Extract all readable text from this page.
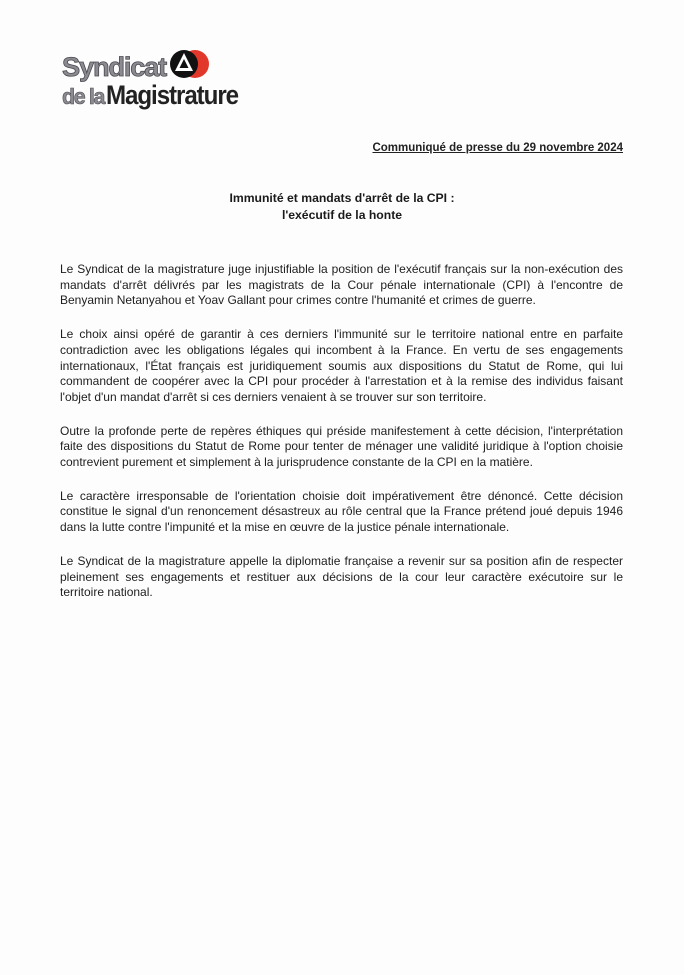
Syndicat
de la Magistrature
Communiqué de presse du 29 novembre 2024
Immunité et mandats d'arrêt de la CPI :
l'exécutif de la honte

Le Syndicat de la magistrature juge injustifiable la position de l'exécutif français sur la non-exécution des mandats d'arrêt délivrés par les magistrats de la Cour pénale internationale (CPI) à l'encontre de Benyamin Netanyahou et Yoav Gallant pour crimes contre l'humanité et crimes de guerre.

Le choix ainsi opéré de garantir à ces derniers l'immunité sur le territoire national entre en parfaite contradiction avec les obligations légales qui incombent à la France. En vertu de ses engagements internationaux, l'État français est juridiquement soumis aux dispositions du Statut de Rome, qui lui commandent de coopérer avec la CPI pour procéder à l'arrestation et à la remise des individus faisant l'objet d'un mandat d'arrêt si ces derniers venaient à se trouver sur son territoire.

Outre la profonde perte de repères éthiques qui préside manifestement à cette décision, l'interprétation faite des dispositions du Statut de Rome pour tenter de ménager une validité juridique à l'option choisie contrevient purement et simplement à la jurisprudence constante de la CPI en la matière.

Le caractère irresponsable de l'orientation choisie doit impérativement être dénoncé. Cette décision constitue le signal d'un renoncement désastreux au rôle central que la France prétend joué depuis 1946 dans la lutte contre l'impunité et la mise en œuvre de la justice pénale internationale.

Le Syndicat de la magistrature appelle la diplomatie française a revenir sur sa position afin de respecter pleinement ses engagements et restituer aux décisions de la cour leur caractère exécutoire sur le territoire national.
